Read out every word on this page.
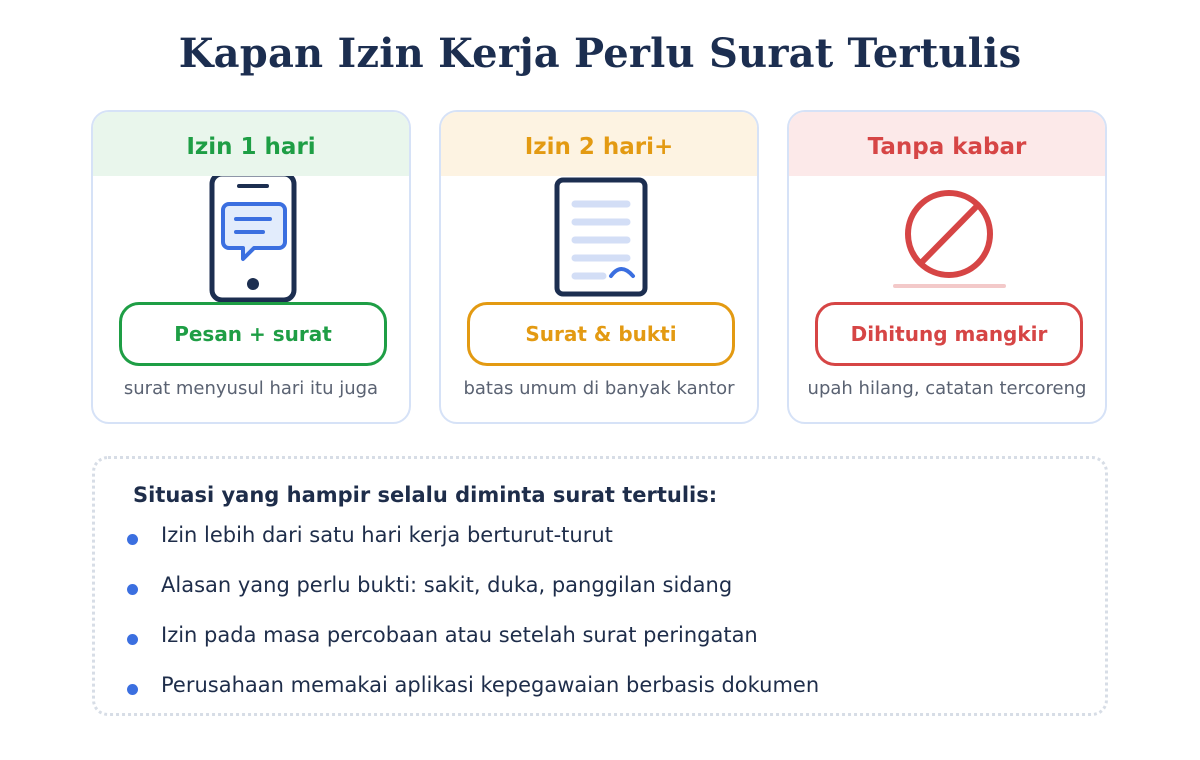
Kapan Izin Kerja Perlu Surat Tertulis
Izin 1 hari
Pesan + surat
surat menyusul hari itu juga
Izin 2 hari+
Surat & bukti
batas umum di banyak kantor
Tanpa kabar
Dihitung mangkir
upah hilang, catatan tercoreng
Situasi yang hampir selalu diminta surat tertulis:
Izin lebih dari satu hari kerja berturut-turut
Alasan yang perlu bukti: sakit, duka, panggilan sidang
Izin pada masa percobaan atau setelah surat peringatan
Perusahaan memakai aplikasi kepegawaian berbasis dokumen
